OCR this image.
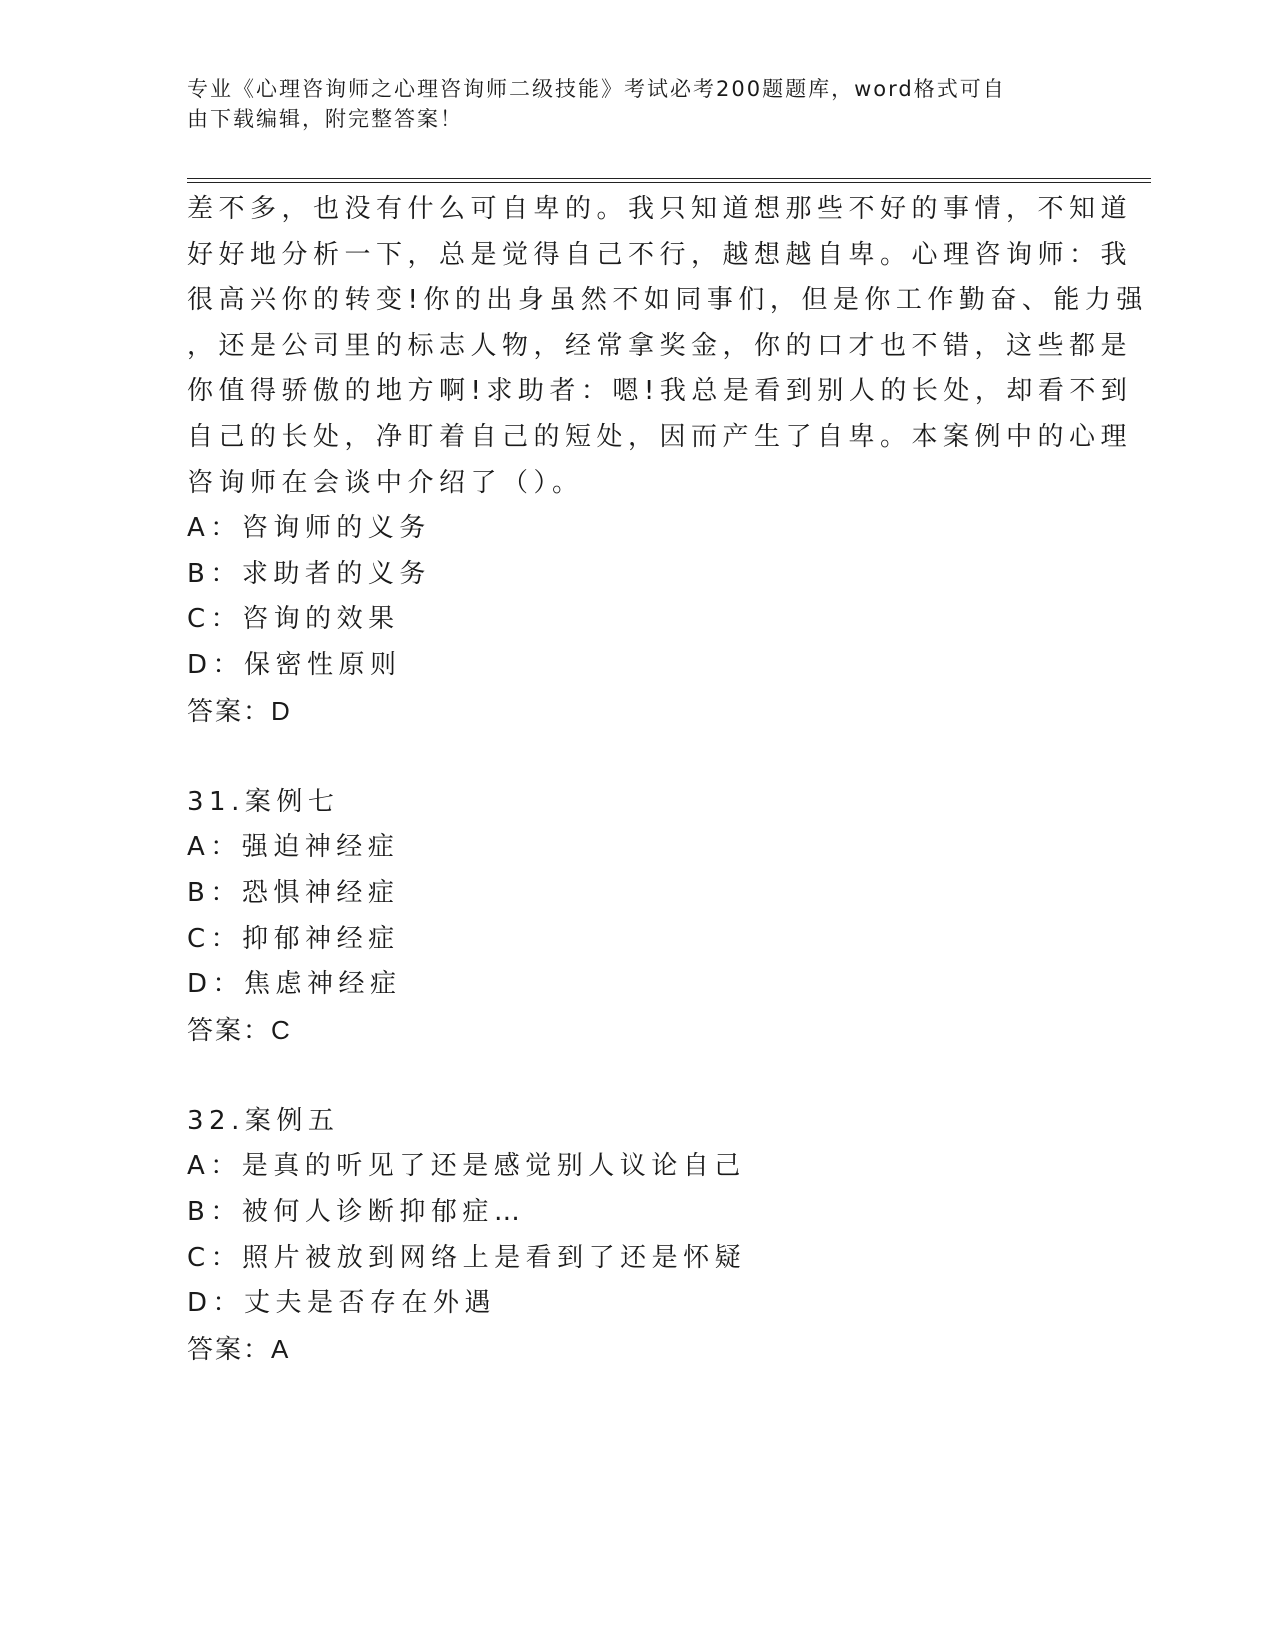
专业《心理咨询师之心理咨询师二级技能》考试必考200题题库，word格式可自
由下载编辑，附完整答案！
差不多，也没有什么可自卑的。我只知道想那些不好的事情，不知道
好好地分析一下，总是觉得自己不行，越想越自卑。心理咨询师：我
很高兴你的转变!你的出身虽然不如同事们，但是你工作勤奋、能力强
，还是公司里的标志人物，经常拿奖金，你的口才也不错，这些都是
你值得骄傲的地方啊!求助者：嗯!我总是看到别人的长处，却看不到
自己的长处，净盯着自己的短处，因而产生了自卑。本案例中的心理
咨询师在会谈中介绍了（）。
A：咨询师的义务
B：求助者的义务
C：咨询的效果
D：保密性原则
答案：D
31.案例七
A：强迫神经症
B：恐惧神经症
C：抑郁神经症
D：焦虑神经症
答案：C
32.案例五
A：是真的听见了还是感觉别人议论自己
B：被何人诊断抑郁症…
C：照片被放到网络上是看到了还是怀疑
D：丈夫是否存在外遇
答案：A
